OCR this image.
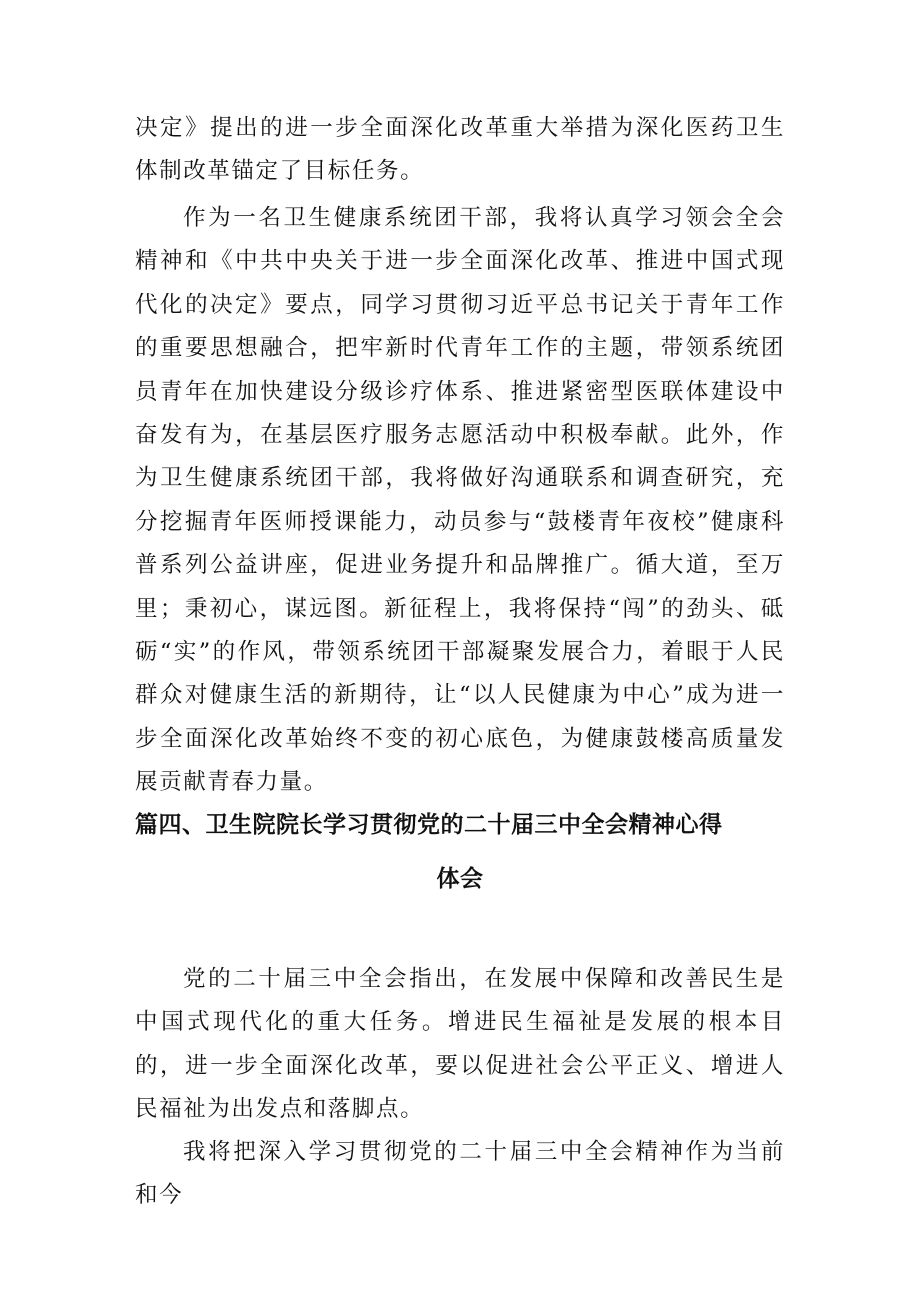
决定》提出的进一步全面深化改革重大举措为深化医药卫生体制改革锚定了目标任务。

作为一名卫生健康系统团干部，我将认真学习领会全会精神和《中共中央关于进一步全面深化改革、推进中国式现代化的决定》要点，同学习贯彻习近平总书记关于青年工作的重要思想融合，把牢新时代青年工作的主题，带领系统团员青年在加快建设分级诊疗体系、推进紧密型医联体建设中奋发有为，在基层医疗服务志愿活动中积极奉献。此外，作为卫生健康系统团干部，我将做好沟通联系和调查研究，充分挖掘青年医师授课能力，动员参与“鼓楼青年夜校”健康科普系列公益讲座，促进业务提升和品牌推广。循大道，至万里；秉初心，谋远图。新征程上，我将保持“闯”的劲头、砥砺“实”的作风，带领系统团干部凝聚发展合力，着眼于人民群众对健康生活的新期待，让“以人民健康为中心”成为进一步全面深化改革始终不变的初心底色，为健康鼓楼高质量发展贡献青春力量。

篇四、卫生院院长学习贯彻党的二十届三中全会精神心得
体会

党的二十届三中全会指出，在发展中保障和改善民生是中国式现代化的重大任务。增进民生福祉是发展的根本目的，进一步全面深化改革，要以促进社会公平正义、增进人民福祉为出发点和落脚点。

我将把深入学习贯彻党的二十届三中全会精神作为当前和今
